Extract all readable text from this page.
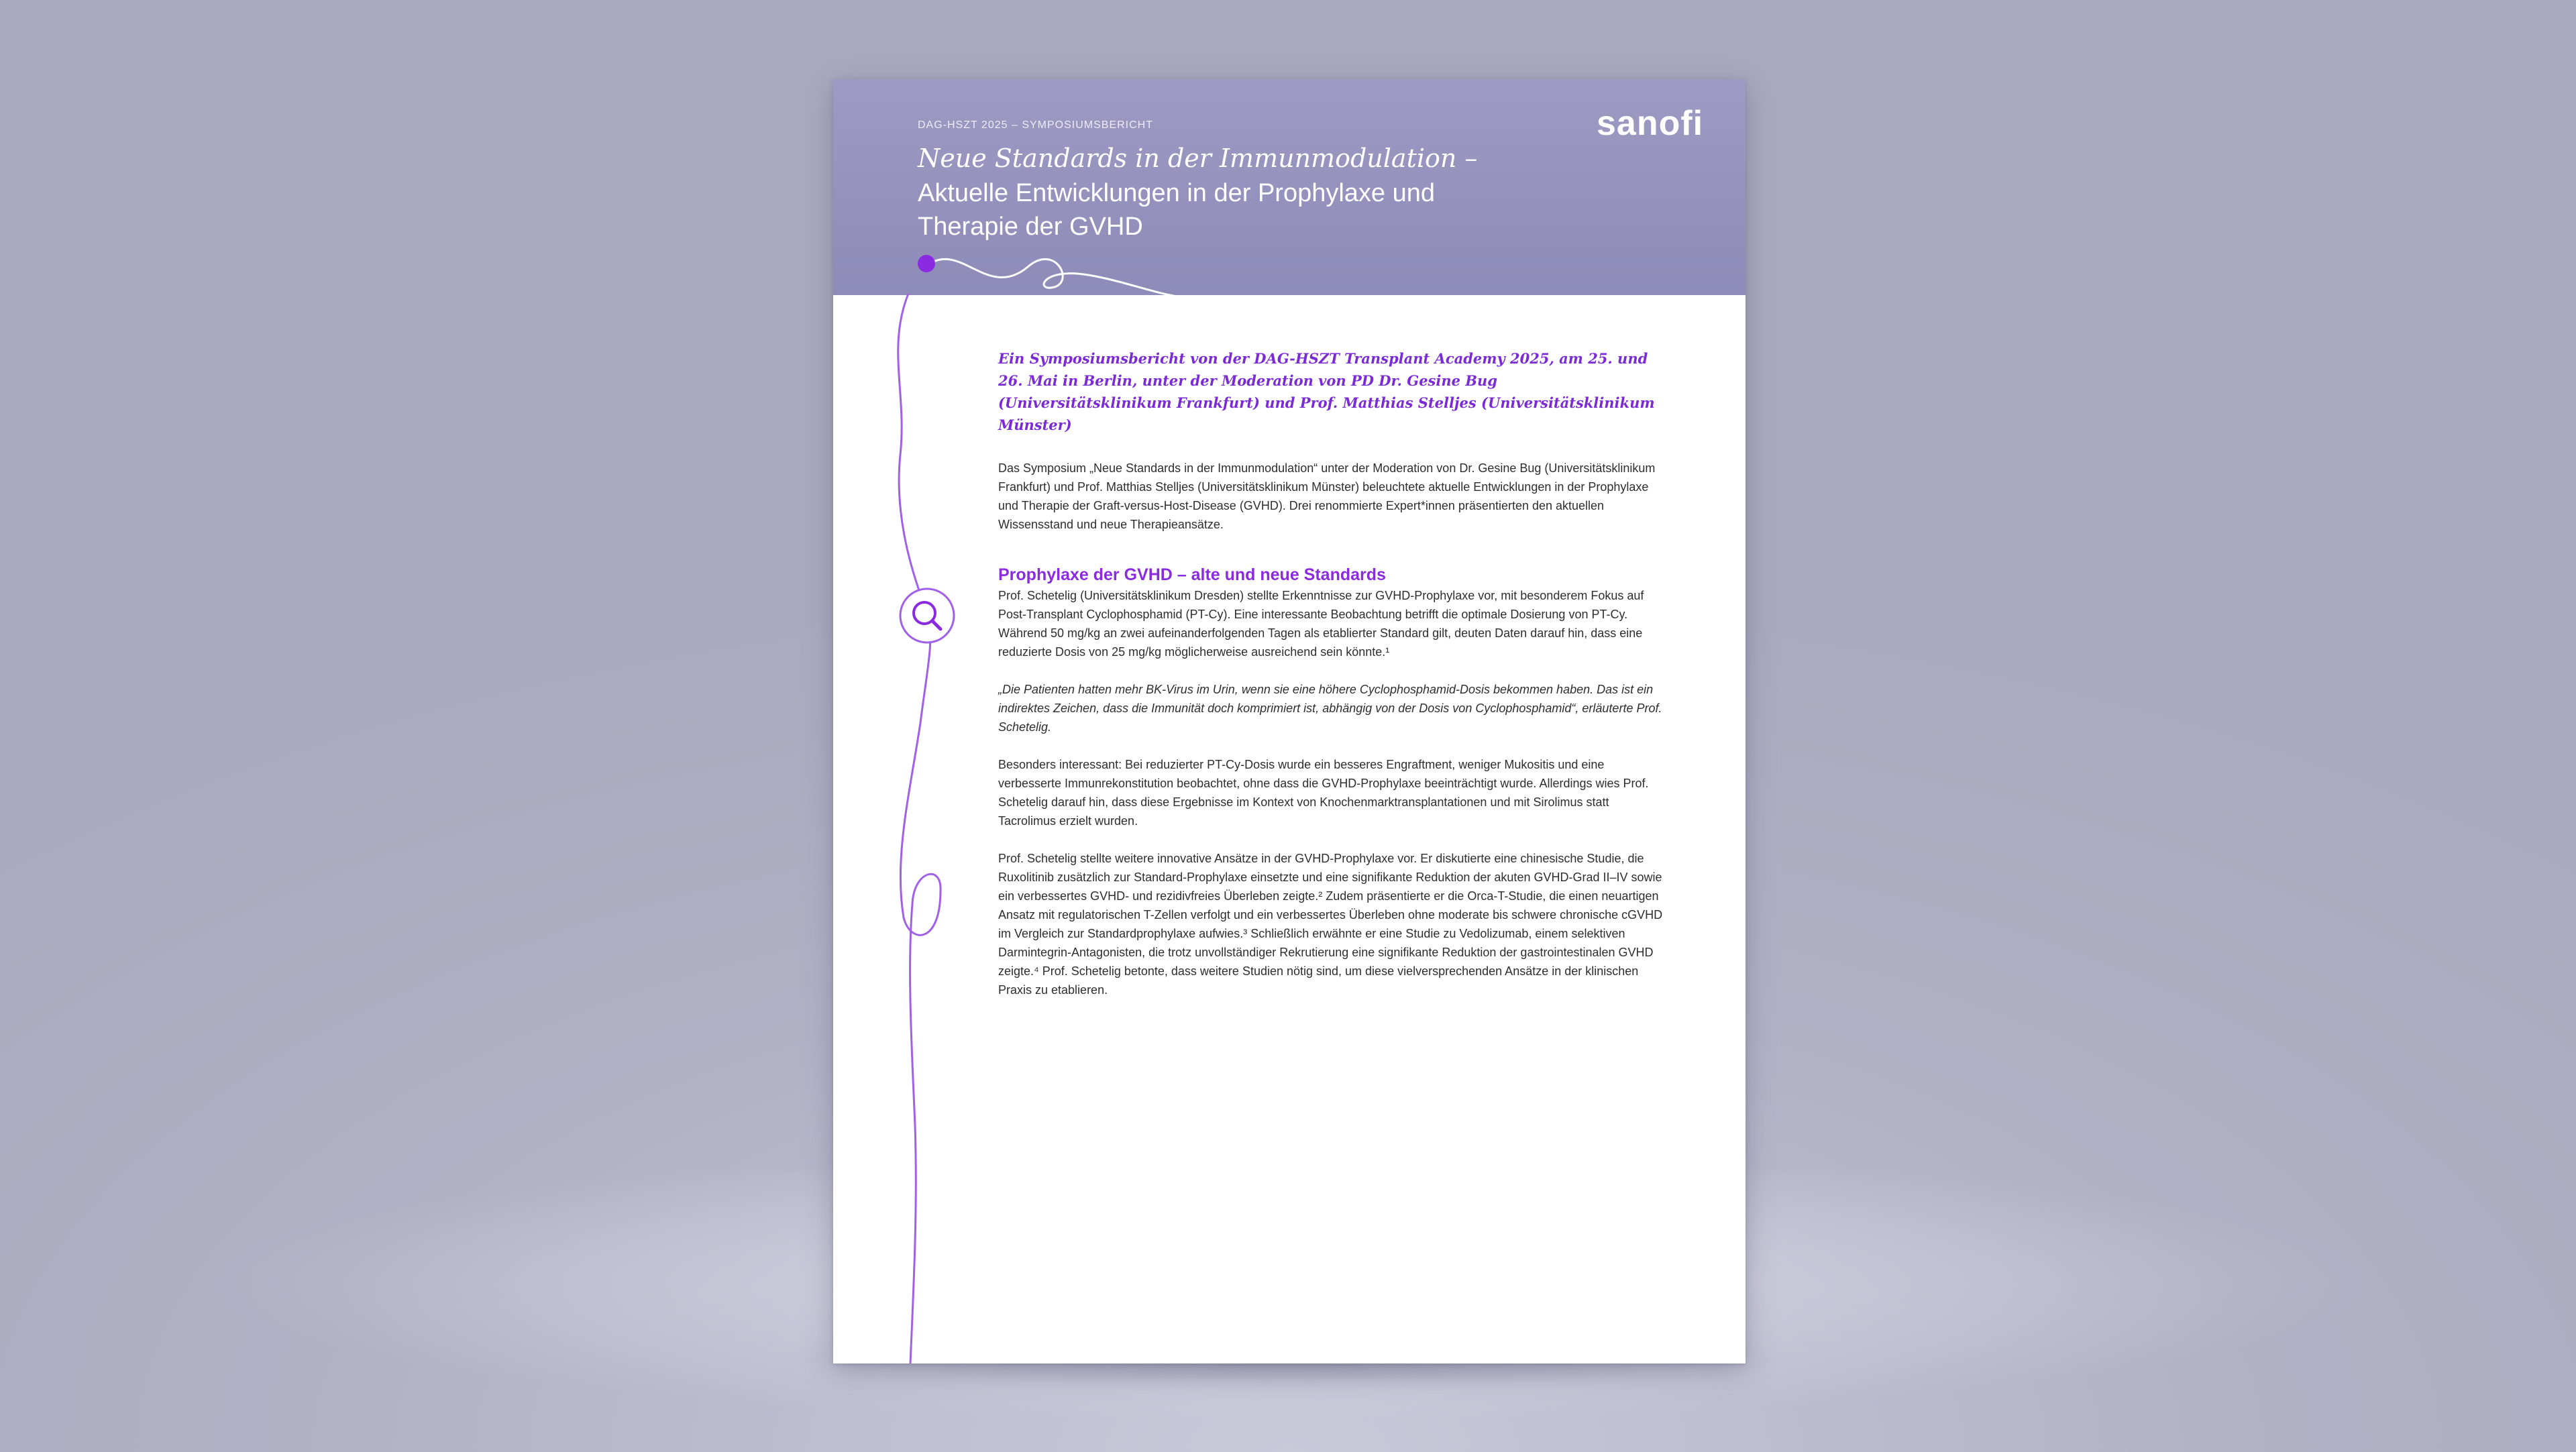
DAG-HSZT 2025 – SYMPOSIUMSBERICHT
Neue Standards in der Immunmodulation –
Aktuelle Entwicklungen in der Prophylaxe und Therapie der GVHD
sanofi

Ein Symposiumsbericht von der DAG-HSZT Transplant Academy 2025, am 25. und 26. Mai in Berlin, unter der Moderation von PD Dr. Gesine Bug (Universitätsklinikum Frankfurt) und Prof. Matthias Stelljes (Universitätsklinikum Münster)

Das Symposium „Neue Standards in der Immunmodulation“ unter der Moderation von Dr. Gesine Bug (Universitätsklinikum Frankfurt) und Prof. Matthias Stelljes (Universitätsklinikum Münster) beleuchtete aktuelle Entwicklungen in der Prophylaxe und Therapie der Graft-versus-Host-Disease (GVHD). Drei renommierte Expert*innen präsentierten den aktuellen Wissensstand und neue Therapieansätze.

Prophylaxe der GVHD – alte und neue Standards

Prof. Schetelig (Universitätsklinikum Dresden) stellte Erkenntnisse zur GVHD-Prophylaxe vor, mit besonderem Fokus auf Post-Transplant Cyclophosphamid (PT-Cy). Eine interessante Beobachtung betrifft die optimale Dosierung von PT-Cy. Während 50 mg/kg an zwei aufeinanderfolgenden Tagen als etablierter Standard gilt, deuten Daten darauf hin, dass eine reduzierte Dosis von 25 mg/kg möglicherweise ausreichend sein könnte.¹

„Die Patienten hatten mehr BK-Virus im Urin, wenn sie eine höhere Cyclophosphamid-Dosis bekommen haben. Das ist ein indirektes Zeichen, dass die Immunität doch komprimiert ist, abhängig von der Dosis von Cyclophosphamid“, erläuterte Prof. Schetelig.

Besonders interessant: Bei reduzierter PT-Cy-Dosis wurde ein besseres Engraftment, weniger Mukositis und eine verbesserte Immunrekonstitution beobachtet, ohne dass die GVHD-Prophylaxe beeinträchtigt wurde. Allerdings wies Prof. Schetelig darauf hin, dass diese Ergebnisse im Kontext von Knochenmarktransplantationen und mit Sirolimus statt Tacrolimus erzielt wurden.

Prof. Schetelig stellte weitere innovative Ansätze in der GVHD-Prophylaxe vor. Er diskutierte eine chinesische Studie, die Ruxolitinib zusätzlich zur Standard-Prophylaxe einsetzte und eine signifikante Reduktion der akuten GVHD-Grad II–IV sowie ein verbessertes GVHD- und rezidivfreies Überleben zeigte.² Zudem präsentierte er die Orca-T-Studie, die einen neuartigen Ansatz mit regulatorischen T-Zellen verfolgt und ein verbessertes Überleben ohne moderate bis schwere chronische cGVHD im Vergleich zur Standardprophylaxe aufwies.³ Schließlich erwähnte er eine Studie zu Vedolizumab, einem selektiven Darmintegrin-Antagonisten, die trotz unvollständiger Rekrutierung eine signifikante Reduktion der gastrointestinalen GVHD zeigte.⁴ Prof. Schetelig betonte, dass weitere Studien nötig sind, um diese vielversprechenden Ansätze in der klinischen Praxis zu etablieren.
